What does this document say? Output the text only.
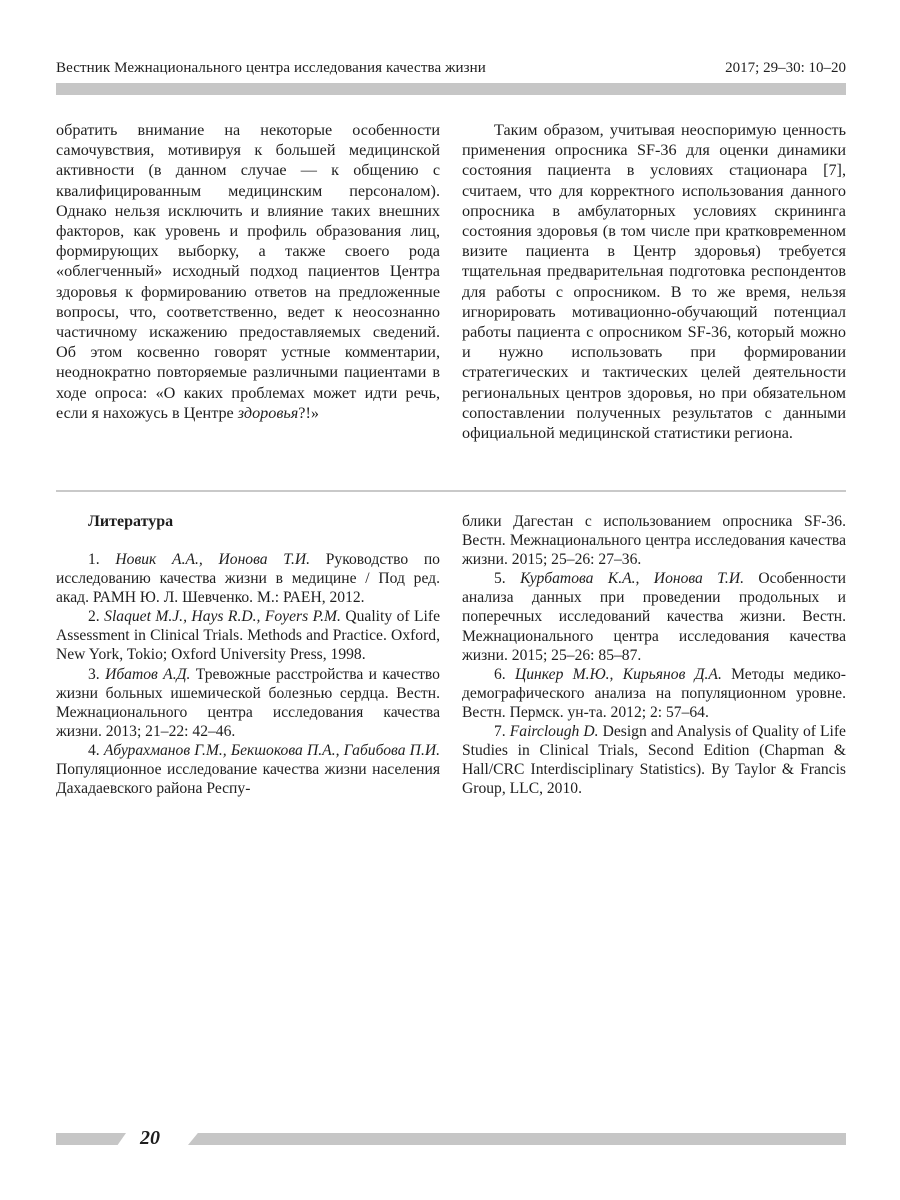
Вестник Межнационального центра исследования качества жизни	2017; 29–30: 10–20

обратить внимание на некоторые особенности самочувствия, мотивируя к большей медицинской активности (в данном случае — к общению с квалифицированным медицинским персоналом). Однако нельзя исключить и влияние таких внешних факторов, как уровень и профиль образования лиц, формирующих выборку, а также своего рода «облегченный» исходный подход пациентов Центра здоровья к формированию ответов на предложенные вопросы, что, соответственно, ведет к неосознанно частичному искажению предоставляемых сведений. Об этом косвенно говорят устные комментарии, неоднократно повторяемые различными пациентами в ходе опроса: «О каких проблемах может идти речь, если я нахожусь в Центре здоровья?!»

Таким образом, учитывая неоспоримую ценность применения опросника SF-36 для оценки динамики состояния пациента в условиях стационара [7], считаем, что для корректного использования данного опросника в амбулаторных условиях скрининга состояния здоровья (в том числе при кратковременном визите пациента в Центр здоровья) требуется тщательная предварительная подготовка респондентов для работы с опросником. В то же время, нельзя игнорировать мотивационно-обучающий потенциал работы пациента с опросником SF-36, который можно и нужно использовать при формировании стратегических и тактических целей деятельности региональных центров здоровья, но при обязательном сопоставлении полученных результатов с данными официальной медицинской статистики региона.

Литература

1. Новик А.А., Ионова Т.И. Руководство по исследованию качества жизни в медицине / Под ред. акад. РАМН Ю. Л. Шевченко. М.: РАЕН, 2012.

2. Slaquet M.J., Hays R.D., Foyers P.M. Quality of Life Assessment in Clinical Trials. Methods and Practice. Oxford, New York, Tokio; Oxford University Press, 1998.

3. Ибатов А.Д. Тревожные расстройства и качество жизни больных ишемической болезнью сердца. Вестн. Межнационального центра исследования качества жизни. 2013; 21–22: 42–46.

4. Абурахманов Г.М., Бекшокова П.А., Габибова П.И. Популяционное исследование качества жизни населения Дахадаевского района Респу-

блики Дагестан с использованием опросника SF-36. Вестн. Межнационального центра исследования качества жизни. 2015; 25–26: 27–36.

5. Курбатова К.А., Ионова Т.И. Особенности анализа данных при проведении продольных и поперечных исследований качества жизни. Вестн. Межнационального центра исследования качества жизни. 2015; 25–26: 85–87.

6. Цинкер М.Ю., Кирьянов Д.А. Методы медико-демографического анализа на популяционном уровне. Вестн. Пермск. ун-та. 2012; 2: 57–64.

7. Fairclough D. Design and Analysis of Quality of Life Studies in Clinical Trials, Second Edition (Chapman & Hall/CRC Interdisciplinary Statistics). By Taylor & Francis Group, LLC, 2010.

20
